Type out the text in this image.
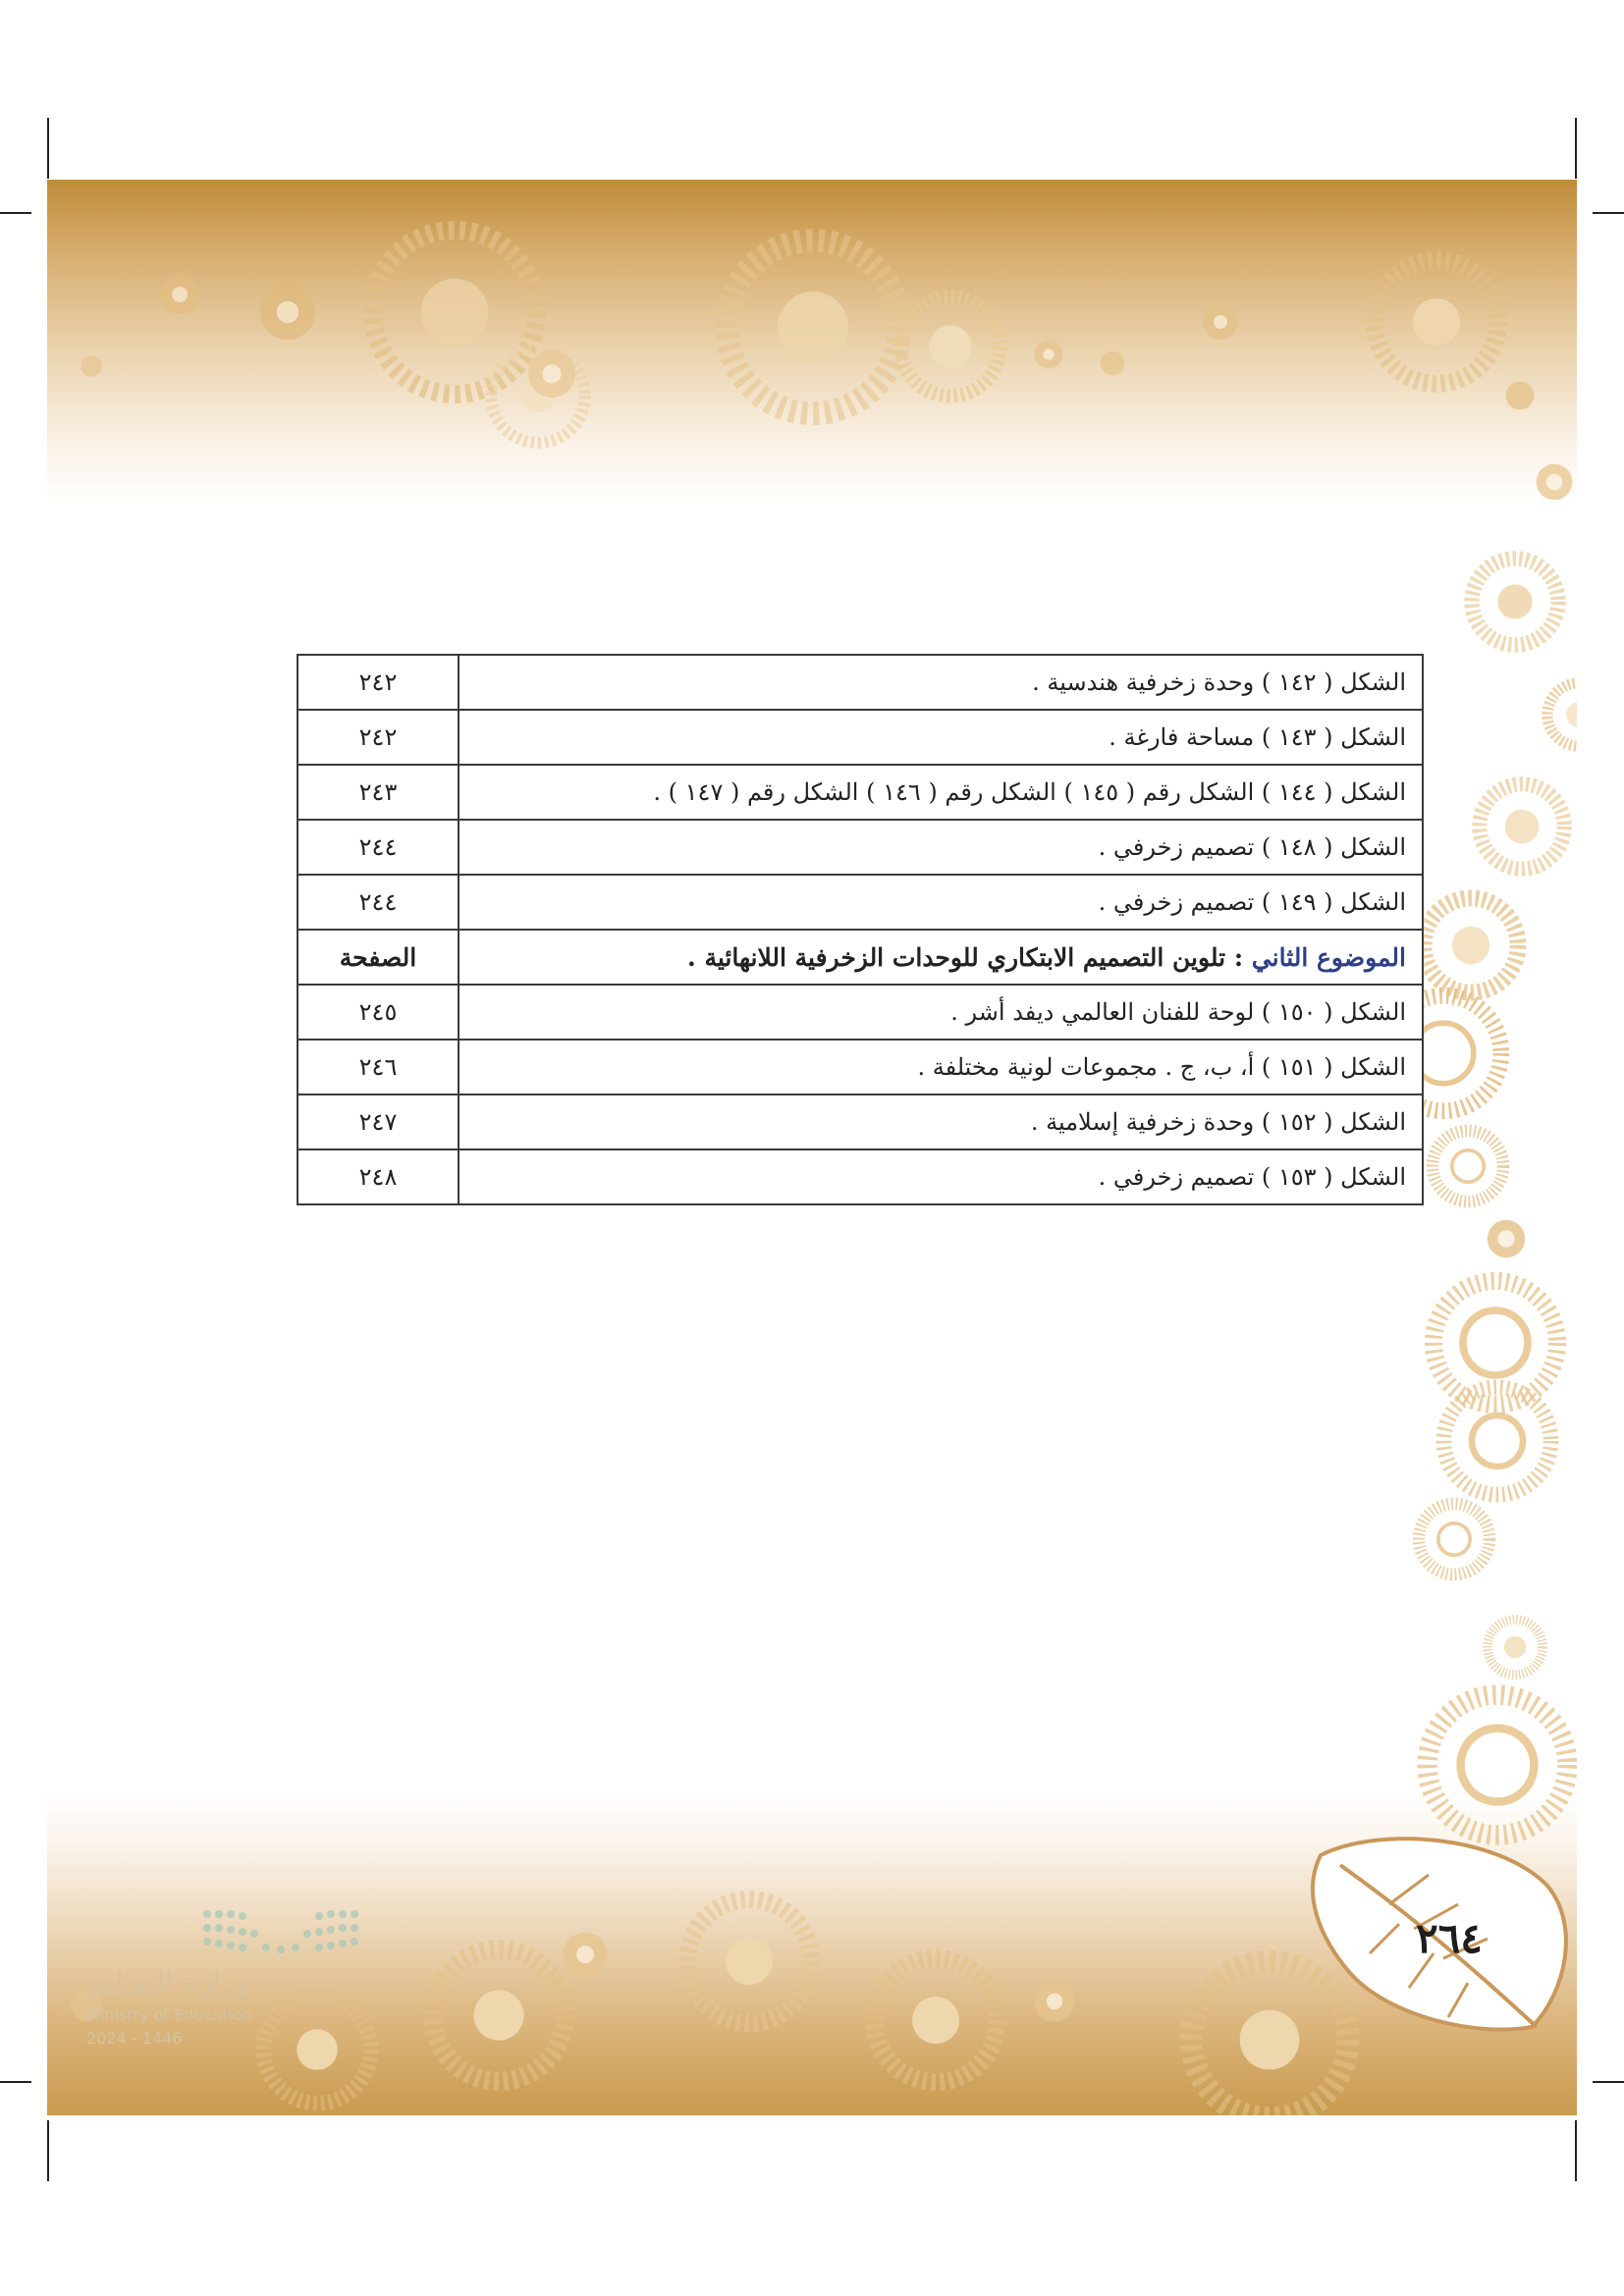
الشكل ( ١٤٢ ) وحدة زخرفية هندسية .	٢٤٢
الشكل ( ١٤٣ ) مساحة فارغة .	٢٤٢
الشكل ( ١٤٤ ) الشكل رقم ( ١٤٥ ) الشكل رقم ( ١٤٦ ) الشكل رقم ( ١٤٧ ) .	٢٤٣
الشكل ( ١٤٨ ) تصميم زخرفي .	٢٤٤
الشكل ( ١٤٩ ) تصميم زخرفي .	٢٤٤
الموضوع الثاني : تلوين التصميم الابتكاري للوحدات الزخرفية اللانهائية .	الصفحة
الشكل ( ١٥٠ ) لوحة للفنان العالمي ديفد أشر .	٢٤٥
الشكل ( ١٥١ ) أ، ب، ج . مجموعات لونية مختلفة .	٢٤٦
الشكل ( ١٥٢ ) وحدة زخرفية إسلامية .	٢٤٧
الشكل ( ١٥٣ ) تصميم زخرفي .	٢٤٨
وزارة التعـليم
Ministry of Education
2024 - 1446
٢٦٤
